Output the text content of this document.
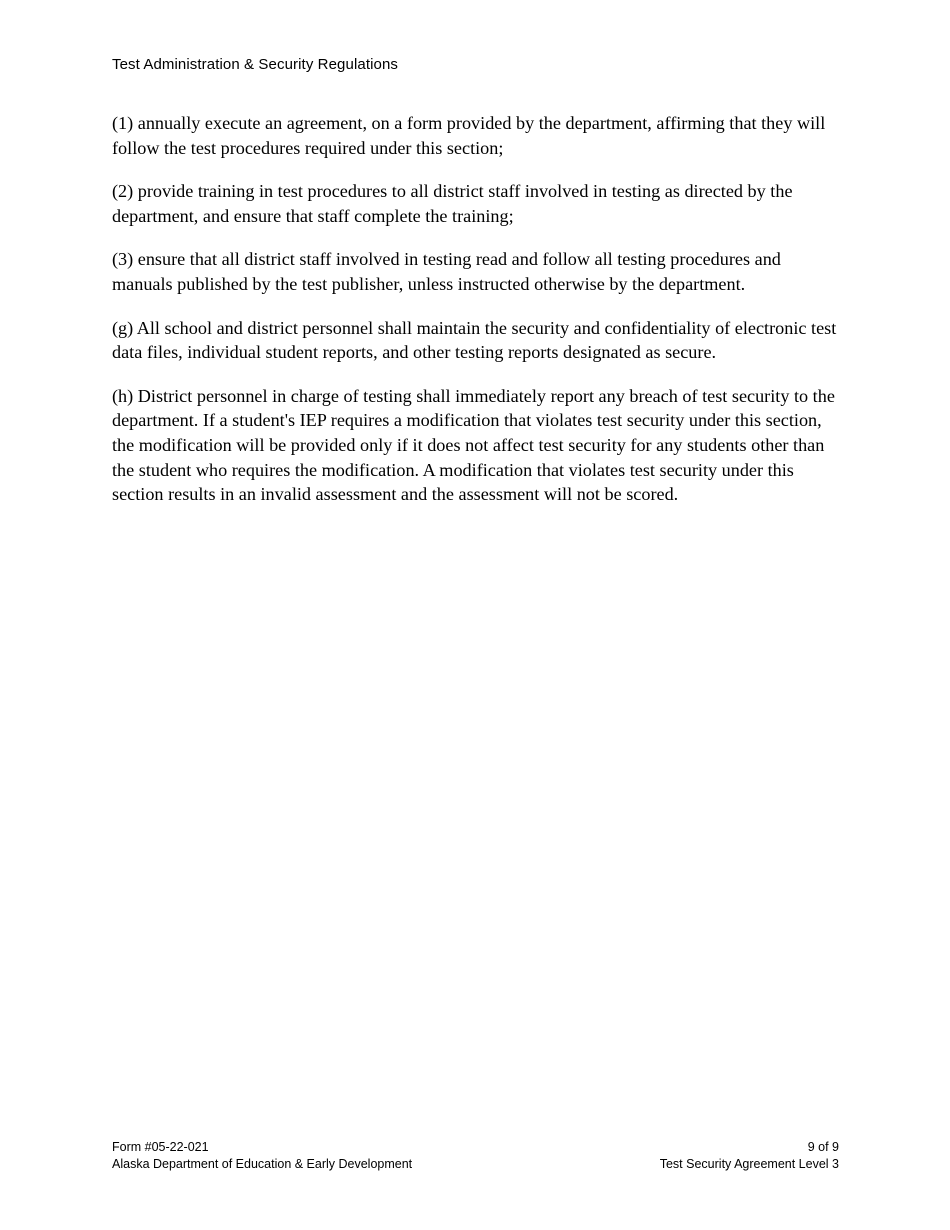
Test Administration & Security Regulations

(1) annually execute an agreement, on a form provided by the department, affirming that they will follow the test procedures required under this section;

(2) provide training in test procedures to all district staff involved in testing as directed by the department, and ensure that staff complete the training;

(3) ensure that all district staff involved in testing read and follow all testing procedures and manuals published by the test publisher, unless instructed otherwise by the department.

(g) All school and district personnel shall maintain the security and confidentiality of electronic test data files, individual student reports, and other testing reports designated as secure.

(h) District personnel in charge of testing shall immediately report any breach of test security to the department. If a student's IEP requires a modification that violates test security under this section, the modification will be provided only if it does not affect test security for any students other than the student who requires the modification. A modification that violates test security under this section results in an invalid assessment and the assessment will not be scored.

Form #05-22-021
Alaska Department of Education & Early Development
9 of 9
Test Security Agreement Level 3
